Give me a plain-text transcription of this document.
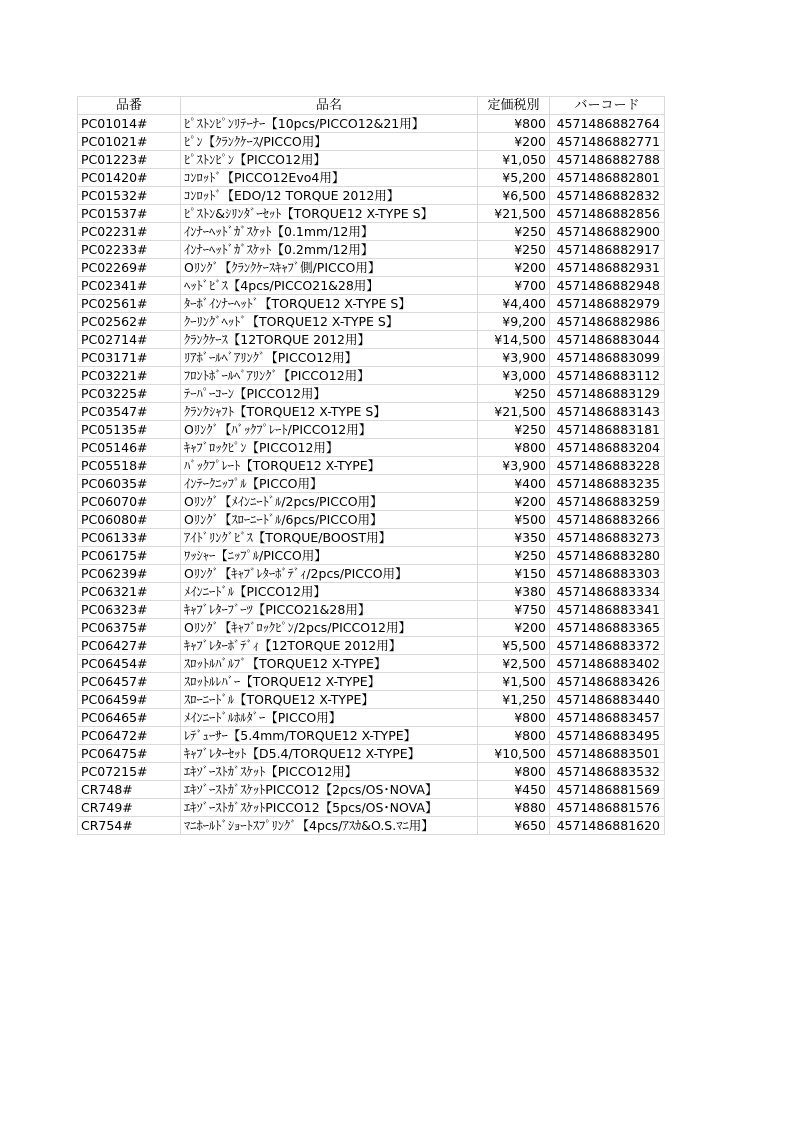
品番	品名	定価税別	バーコード
PC01014#	ﾋﾟｽﾄﾝﾋﾟﾝﾘﾃｰﾅｰ【10pcs/PICCO12&21用】	¥800	4571486882764
PC01021#	ﾋﾟﾝ【ｸﾗﾝｸｹｰｽ/PICCO用】	¥200	4571486882771
PC01223#	ﾋﾟｽﾄﾝﾋﾟﾝ【PICCO12用】	¥1,050	4571486882788
PC01420#	ｺﾝﾛｯﾄﾞ【PICCO12Evo4用】	¥5,200	4571486882801
PC01532#	ｺﾝﾛｯﾄﾞ【EDO/12 TORQUE 2012用】	¥6,500	4571486882832
PC01537#	ﾋﾟｽﾄﾝ&ｼﾘﾝﾀﾞｰｾｯﾄ【TORQUE12 X-TYPE S】	¥21,500	4571486882856
PC02231#	ｲﾝﾅｰﾍｯﾄﾞｶﾞｽｹｯﾄ【0.1mm/12用】	¥250	4571486882900
PC02233#	ｲﾝﾅｰﾍｯﾄﾞｶﾞｽｹｯﾄ【0.2mm/12用】	¥250	4571486882917
PC02269#	Oﾘﾝｸﾞ【ｸﾗﾝｸｹｰｽｷｬﾌﾞ側/PICCO用】	¥200	4571486882931
PC02341#	ﾍｯﾄﾞﾋﾞｽ【4pcs/PICCO21&28用】	¥700	4571486882948
PC02561#	ﾀｰﾎﾞｲﾝﾅｰﾍｯﾄﾞ【TORQUE12 X-TYPE S】	¥4,400	4571486882979
PC02562#	ｸｰﾘﾝｸﾞﾍｯﾄﾞ【TORQUE12 X-TYPE S】	¥9,200	4571486882986
PC02714#	ｸﾗﾝｸｹｰｽ【12TORQUE 2012用】	¥14,500	4571486883044
PC03171#	ﾘｱﾎﾞｰﾙﾍﾞｱﾘﾝｸﾞ【PICCO12用】	¥3,900	4571486883099
PC03221#	ﾌﾛﾝﾄﾎﾞｰﾙﾍﾞｱﾘﾝｸﾞ【PICCO12用】	¥3,000	4571486883112
PC03225#	ﾃｰﾊﾟｰｺｰﾝ【PICCO12用】	¥250	4571486883129
PC03547#	ｸﾗﾝｸｼｬﾌﾄ【TORQUE12 X-TYPE S】	¥21,500	4571486883143
PC05135#	Oﾘﾝｸﾞ【ﾊﾞｯｸﾌﾟﾚｰﾄ/PICCO12用】	¥250	4571486883181
PC05146#	ｷｬﾌﾞﾛｯｸﾋﾟﾝ【PICCO12用】	¥800	4571486883204
PC05518#	ﾊﾞｯｸﾌﾟﾚｰﾄ【TORQUE12 X-TYPE】	¥3,900	4571486883228
PC06035#	ｲﾝﾃｰｸﾆｯﾌﾟﾙ【PICCO用】	¥400	4571486883235
PC06070#	Oﾘﾝｸﾞ【ﾒｲﾝﾆｰﾄﾞﾙ/2pcs/PICCO用】	¥200	4571486883259
PC06080#	Oﾘﾝｸﾞ【ｽﾛｰﾆｰﾄﾞﾙ/6pcs/PICCO用】	¥500	4571486883266
PC06133#	ｱｲﾄﾞﾘﾝｸﾞﾋﾞｽ【TORQUE/BOOST用】	¥350	4571486883273
PC06175#	ﾜｯｼｬｰ【ﾆｯﾌﾟﾙ/PICCO用】	¥250	4571486883280
PC06239#	Oﾘﾝｸﾞ【ｷｬﾌﾞﾚﾀｰﾎﾞﾃﾞｨ/2pcs/PICCO用】	¥150	4571486883303
PC06321#	ﾒｲﾝﾆｰﾄﾞﾙ【PICCO12用】	¥380	4571486883334
PC06323#	ｷｬﾌﾞﾚﾀｰﾌﾞｰﾂ【PICCO21&28用】	¥750	4571486883341
PC06375#	Oﾘﾝｸﾞ【ｷｬﾌﾞﾛｯｸﾋﾟﾝ/2pcs/PICCO12用】	¥200	4571486883365
PC06427#	ｷｬﾌﾞﾚﾀｰﾎﾞﾃﾞｨ【12TORQUE 2012用】	¥5,500	4571486883372
PC06454#	ｽﾛｯﾄﾙﾊﾞﾙﾌﾞ【TORQUE12 X-TYPE】	¥2,500	4571486883402
PC06457#	ｽﾛｯﾄﾙﾚﾊﾞｰ【TORQUE12 X-TYPE】	¥1,500	4571486883426
PC06459#	ｽﾛｰﾆｰﾄﾞﾙ【TORQUE12 X-TYPE】	¥1,250	4571486883440
PC06465#	ﾒｲﾝﾆｰﾄﾞﾙﾎﾙﾀﾞｰ【PICCO用】	¥800	4571486883457
PC06472#	ﾚﾃﾞｭｰｻｰ【5.4mm/TORQUE12 X-TYPE】	¥800	4571486883495
PC06475#	ｷｬﾌﾞﾚﾀｰｾｯﾄ【D5.4/TORQUE12 X-TYPE】	¥10,500	4571486883501
PC07215#	ｴｷｿﾞｰｽﾄｶﾞｽｹｯﾄ【PICCO12用】	¥800	4571486883532
CR748#	ｴｷｿﾞｰｽﾄｶﾞｽｹｯﾄPICCO12【2pcs/OS･NOVA】	¥450	4571486881569
CR749#	ｴｷｿﾞｰｽﾄｶﾞｽｹｯﾄPICCO12【5pcs/OS･NOVA】	¥880	4571486881576
CR754#	ﾏﾆﾎｰﾙﾄﾞｼｮｰﾄｽﾌﾟﾘﾝｸﾞ【4pcs/ｱｽｶ&O.S.ﾏﾆ用】	¥650	4571486881620
